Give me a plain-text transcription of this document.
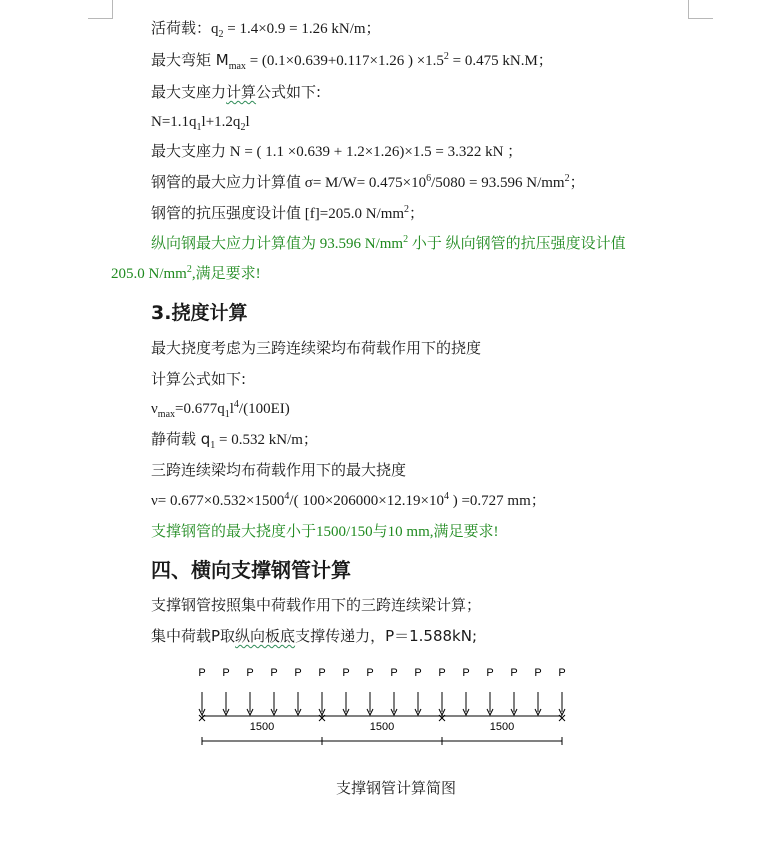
活荷载：$q_2 = 1.4\times 0.9 = 1.26$ kN/m；
最大弯矩 $M_{max} = (0.1\times 0.639+0.117\times 1.26$ ) $\times 1.5^2 = 0.475$ kN.M；
最大支座力计算公式如下:
$N=1.1q_1l+1.2q_2l$
最大支座力 N = ( 1.1 ×0.639 + 1.2×1.26)×1.5 = 3.322 kN ；
钢管的最大应力计算值 $\sigma= M/W= 0.475\times 10^6/5080 = 93.596$ $N/mm^2$；
钢管的抗压强度设计值 [f]=205.0 $N/mm^2$；
纵向钢最大应力计算值为 93.596 $N/mm^2$ 小于 纵向钢管的抗压强度设计值
205.0 $N/mm^2$,满足要求!
3.挠度计算
最大挠度考虑为三跨连续梁均布荷载作用下的挠度
计算公式如下:
$\nu_{max}=0.677q_1l^4/(100EI)$
静荷载 $q_1 = 0.532$ kN/m；
三跨连续梁均布荷载作用下的最大挠度
$\nu= 0.677\times 0.532\times 1500^4/$( $100\times 206000\times 12.19\times 10^4$ ) =0.727 mm；
支撑钢管的最大挠度小于1500/150与10 mm,满足要求!
四、横向支撑钢管计算
支撑钢管按照集中荷载作用下的三跨连续梁计算；
集中荷载P取纵向板底支撑传递力，P＝1.588kN;
P P P P P P P P P P P P P P P P
1500	1500	1500
支撑钢管计算简图
